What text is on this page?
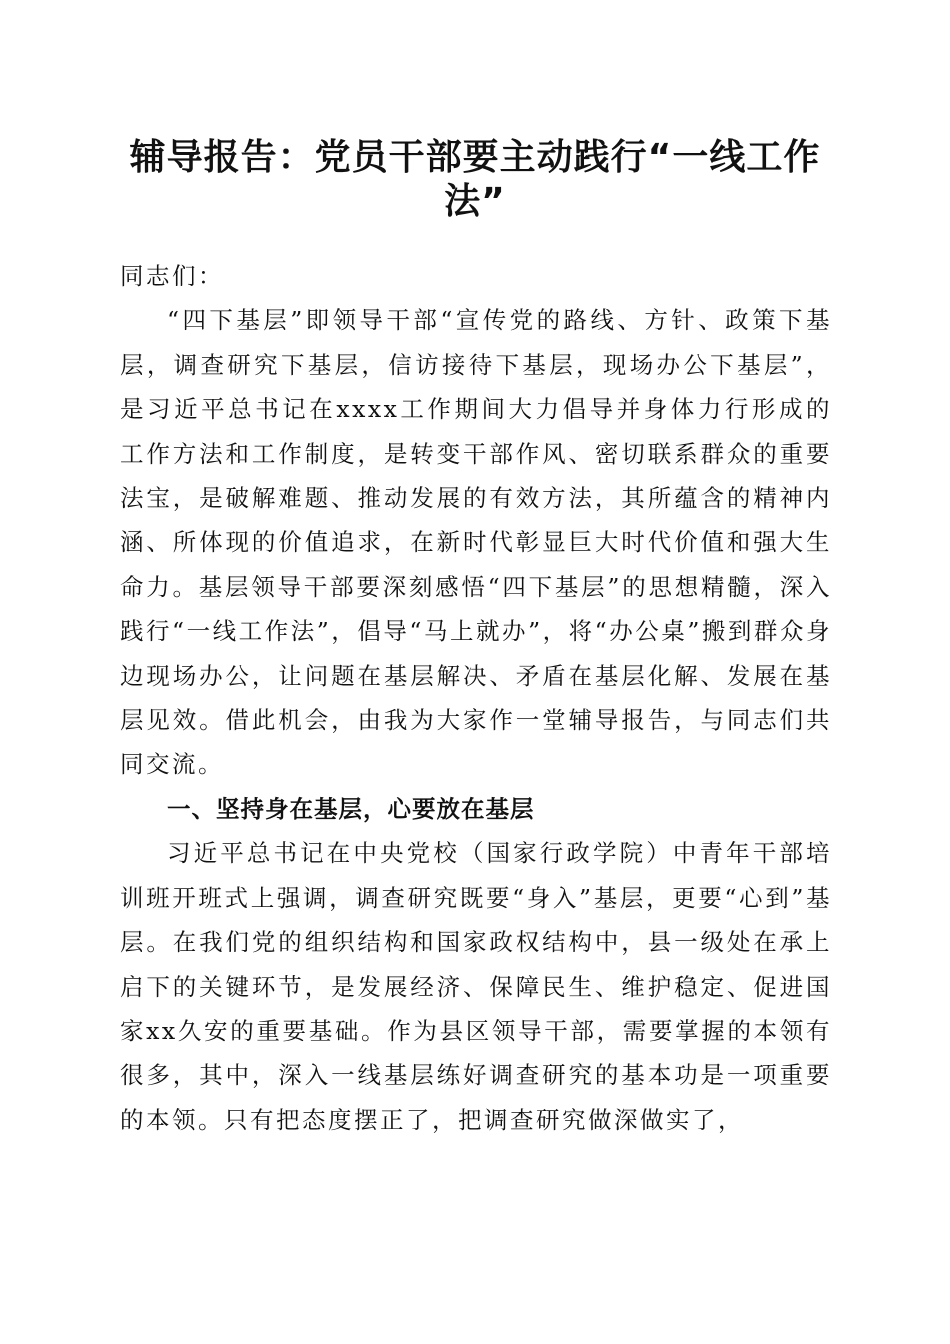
辅导报告：党员干部要主动践行“一线工作法”

同志们：

“四下基层”即领导干部“宣传党的路线、方针、政策下基层，调查研究下基层，信访接待下基层，现场办公下基层”，是习近平总书记在xxxx工作期间大力倡导并身体力行形成的工作方法和工作制度，是转变干部作风、密切联系群众的重要法宝，是破解难题、推动发展的有效方法，其所蕴含的精神内涵、所体现的价值追求，在新时代彰显巨大时代价值和强大生命力。基层领导干部要深刻感悟“四下基层”的思想精髓，深入践行“一线工作法”，倡导“马上就办”，将“办公桌”搬到群众身边现场办公，让问题在基层解决、矛盾在基层化解、发展在基层见效。借此机会，由我为大家作一堂辅导报告，与同志们共同交流。

一、坚持身在基层，心要放在基层

习近平总书记在中央党校（国家行政学院）中青年干部培训班开班式上强调，调查研究既要“身入”基层，更要“心到”基层。在我们党的组织结构和国家政权结构中，县一级处在承上启下的关键环节，是发展经济、保障民生、维护稳定、促进国家xx久安的重要基础。作为县区领导干部，需要掌握的本领有很多，其中，深入一线基层练好调查研究的基本功是一项重要的本领。只有把态度摆正了，把调查研究做深做实了，
